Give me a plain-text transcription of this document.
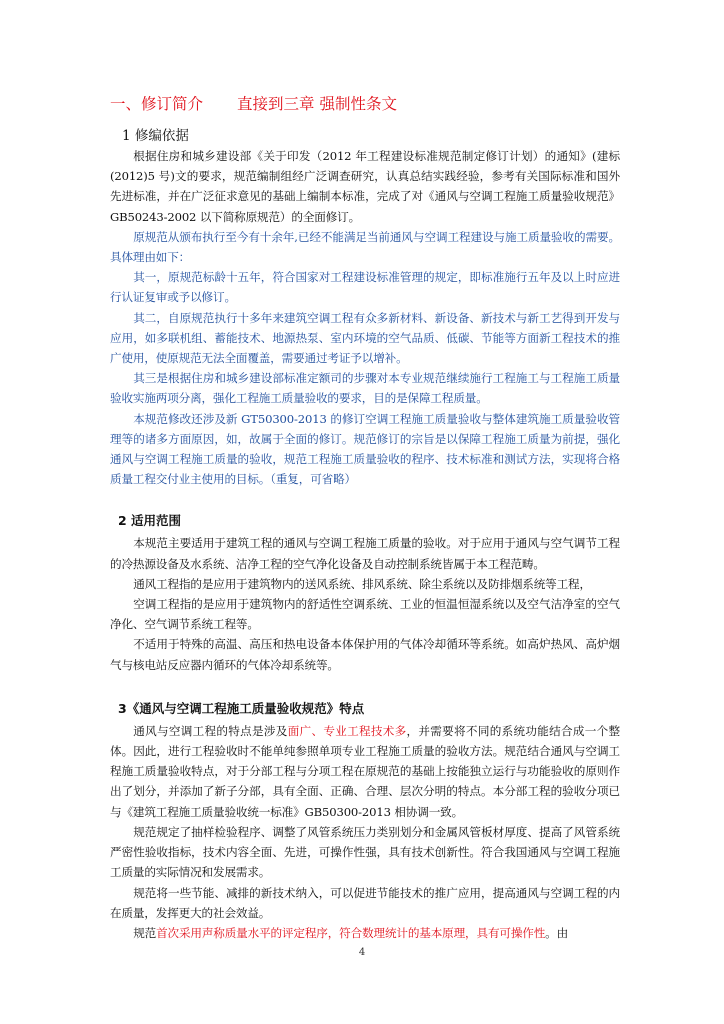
一、修订简介 直接到三章 强制性条文
1 修编依据

根据住房和城乡建设部《关于印发（2012 年工程建设标准规范制定修订计划）的通知》(建标(2012)5 号)文的要求，规范编制组经广泛调查研究，认真总结实践经验，参考有关国际标准和国外先进标准，并在广泛征求意见的基础上编制本标准，完成了对《通风与空调工程施工质量验收规范》GB50243-2002 以下简称原规范）的全面修订。

原规范从颁布执行至今有十余年,已经不能满足当前通风与空调工程建设与施工质量验收的需要。具体理由如下：

其一，原规范标龄十五年，符合国家对工程建设标准管理的规定，即标准施行五年及以上时应进行认证复审或予以修订。

其二，自原规范执行十多年来建筑空调工程有众多新材料、新设备、新技术与新工艺得到开发与应用，如多联机组、蓄能技术、地源热泵、室内环境的空气品质、低碳、节能等方面新工程技术的推广使用，使原规范无法全面覆盖，需要通过考证予以增补。

其三是根据住房和城乡建设部标准定额司的步骤对本专业规范继续施行工程施工与工程施工质量验收实施两项分离，强化工程施工质量验收的要求，目的是保障工程质量。

本规范修改还涉及新 GT50300-2013 的修订空调工程施工质量验收与整体建筑施工质量验收管理等的诸多方面原因，如，故属于全面的修订。规范修订的宗旨是以保障工程施工质量为前提，强化通风与空调工程施工质量的验收，规范工程施工质量验收的程序、技术标准和测试方法，实现将合格质量工程交付业主使用的目标。（重复，可省略）

2 适用范围

本规范主要适用于建筑工程的通风与空调工程施工质量的验收。对于应用于通风与空气调节工程的冷热源设备及水系统、洁净工程的空气净化设备及自动控制系统皆属于本工程范畴。

通风工程指的是应用于建筑物内的送风系统、排风系统、除尘系统以及防排烟系统等工程，

空调工程指的是应用于建筑物内的舒适性空调系统、工业的恒温恒湿系统以及空气洁净室的空气净化、空气调节系统工程等。

不适用于特殊的高温、高压和热电设备本体保护用的气体冷却循环等系统。如高炉热风、高炉烟气与核电站反应器内循环的气体冷却系统等。

3《通风与空调工程施工质量验收规范》特点

通风与空调工程的特点是涉及面广、专业工程技术多，并需要将不同的系统功能结合成一个整体。因此，进行工程验收时不能单纯参照单项专业工程施工质量的验收方法。规范结合通风与空调工程施工质量验收特点，对于分部工程与分项工程在原规范的基础上按能独立运行与功能验收的原则作出了划分，并添加了新子分部，具有全面、正确、合理、层次分明的特点。本分部工程的验收分项已与《建筑工程施工质量验收统一标准》GB50300-2013 相协调一致。

规范规定了抽样检验程序、调整了风管系统压力类别划分和金属风管板材厚度、提高了风管系统严密性验收指标，技术内容全面、先进，可操作性强，具有技术创新性。符合我国通风与空调工程施工质量的实际情况和发展需求。

规范将一些节能、减排的新技术纳入，可以促进节能技术的推广应用，提高通风与空调工程的内在质量，发挥更大的社会效益。

规范首次采用声称质量水平的评定程序，符合数理统计的基本原理，具有可操作性。由

4
